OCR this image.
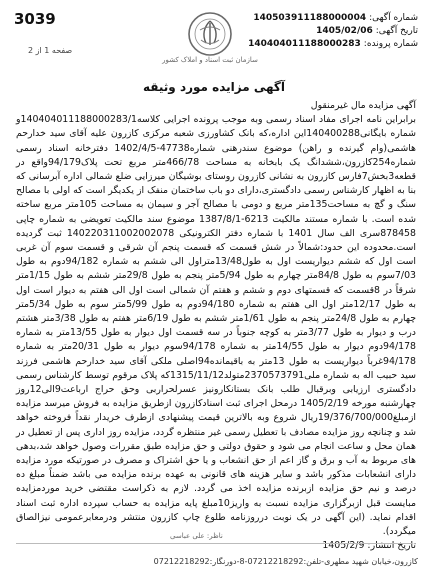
3039
صفحه 1 از 2
سازمان ثبت اسناد و املاک کشور
شماره آگهی:140503911188000004
تاریخ آگهی:1405/02/06
شماره پرونده:140404011188000283
آگهی مزایده مورد وثیقه

آگهی مزایده مال غیرمنقول

برابراین نامه اجرای مفاد اسناد رسمی وبه موجب پرونده اجرایی کلاسه140404011188000283/1و شماره بایگانی140400288این اداره،که بانک کشاورزی شعبه مرکزی کازرون علیه آقای سید خدارحم هاشمی(وام گیرنده و راهن) موضوع سندرهنی شماره47738-1402/4/5 دفترخانه اسناد رسمی شماره254کازرون،ششدانگ یک بابخانه به مساحت 466/78متر مربع تحت پلاک94/179واقع در قطعه3بخش7فارس کازرون به نشانی کازرون روستای بوشیگان میرزایی ضلع شمالی اداره آبرسانی که بنا به اظهار کارشناس رسمی دادگستری،دارای دو باب ساختمان منفک از یکدیگر است که اولی با مصالح سنگ و گچ به مساحت135متر مربع و دومی با مصالح آجر و سیمان به مساحت 105متر مربع ساخته شده است. با شماره مستند مالکیت 6213-1387/8/1 موضوع سند مالکیت تعویضی به شماره چاپی 878458سری الف سال 1401 با شماره دفتر الکترونیکی 140220311002002078 ثبت گردیده است.محدوده این حدود:شمالاً در شش قسمت که قسمت پنجم آن شرقی و قسمت سوم آن غربی است اول که ششم دیواریست اول به طول13/48متراول الی ششم به شماره 94/182دوم به طول 7/03سوم به طول 84/8متر چهارم به طول 5/94متر پنجم به طول 29/8متر ششم به طول 1/15متر شرقاً در 8قسمت که قسمتهای دوم و ششم و هفتم آن شمالی است اول الی هفتم به دیوار است اول به طول 12/17متر اول الی هفتم به شماره 94/180دوم به طول 5/99متر سوم به طول 5/34متر چهارم به طول 24/8متر پنجم به طول 1/61متر ششم به طول 6/19متر هفتم به طول 3/38متر هشتم درب و دیوار به طول 3/77متر به کوچه جنوباً در سه قسمت اول دیوار به طول 13/55متر به شماره 94/178دوم دیوار به طول 14/55متر به شماره 94/178سوم دیوار به طول 20/31متر به شماره 94/178غرباً دیواریست به طول 13متر به باقیمانده94اصلی ملکی آقای سید خدارحم هاشمی فرزند سید حبیب اله به شماره ملی2370573791متولد1315/11/12که پلاک مرقوم توسط کارشناس رسمی دادگستری ارزیابی وبرقبال طلب بانک بستانکارونیز عسرلحراربی وحق حراج ارباعت9الی12روز چهارشنبه مورخه 1405/2/19 درمحل اجرای ثبت اسنادکازرون ازطریق مزایده به فروش میرسد مزایده ازمبلغ19/376/700/000ریال شروع وبه بالاترین قیمت پیشنهادی ازطرف خریدار نقداً فروخته خواهد شد و چنانچه روز مزایده مصادف با تعطیل رسمی غیر منتظره گردد، مزایده روز اداری پس از تعطیل در همان محل و ساعت انجام می شود و حقوق دولتی و حق مزایده طبق مقررات وصول خواهد شد،بدهی های مربوط به آب و برق و گاز اعم از حق انشعاب و یا حق اشتراک و مصرف در صورتیکه مورد مزایده دارای انشعابات مذکور باشد و سایر هزینه های قانونی به عهده برنده مزایده می باشد ضمناً مبلغ ده درصد و نیم حق مزایده ازبرنده مزایده اخذ می گردد. لازم به ذکراست مقتضی خرید موردمزایده مبایست قبل ازبرگزاری مزایده نسبت به واریز10مبلغ پایه مزایده به حساب سپرده اداره ثبت اسناد اقدام نماید. (این آگهی در یک نوبت درروزنامه طلوع چاپ کازرون منتشر ودرمعابرعمومی نیزالصاق میگردد).

تاریخ انتشار: 1405/2/9

ناظر: علی عباسی
کازرون،خیابان شهید مطهری-تلفن:07212218292-8-دورنگار:07212218292
